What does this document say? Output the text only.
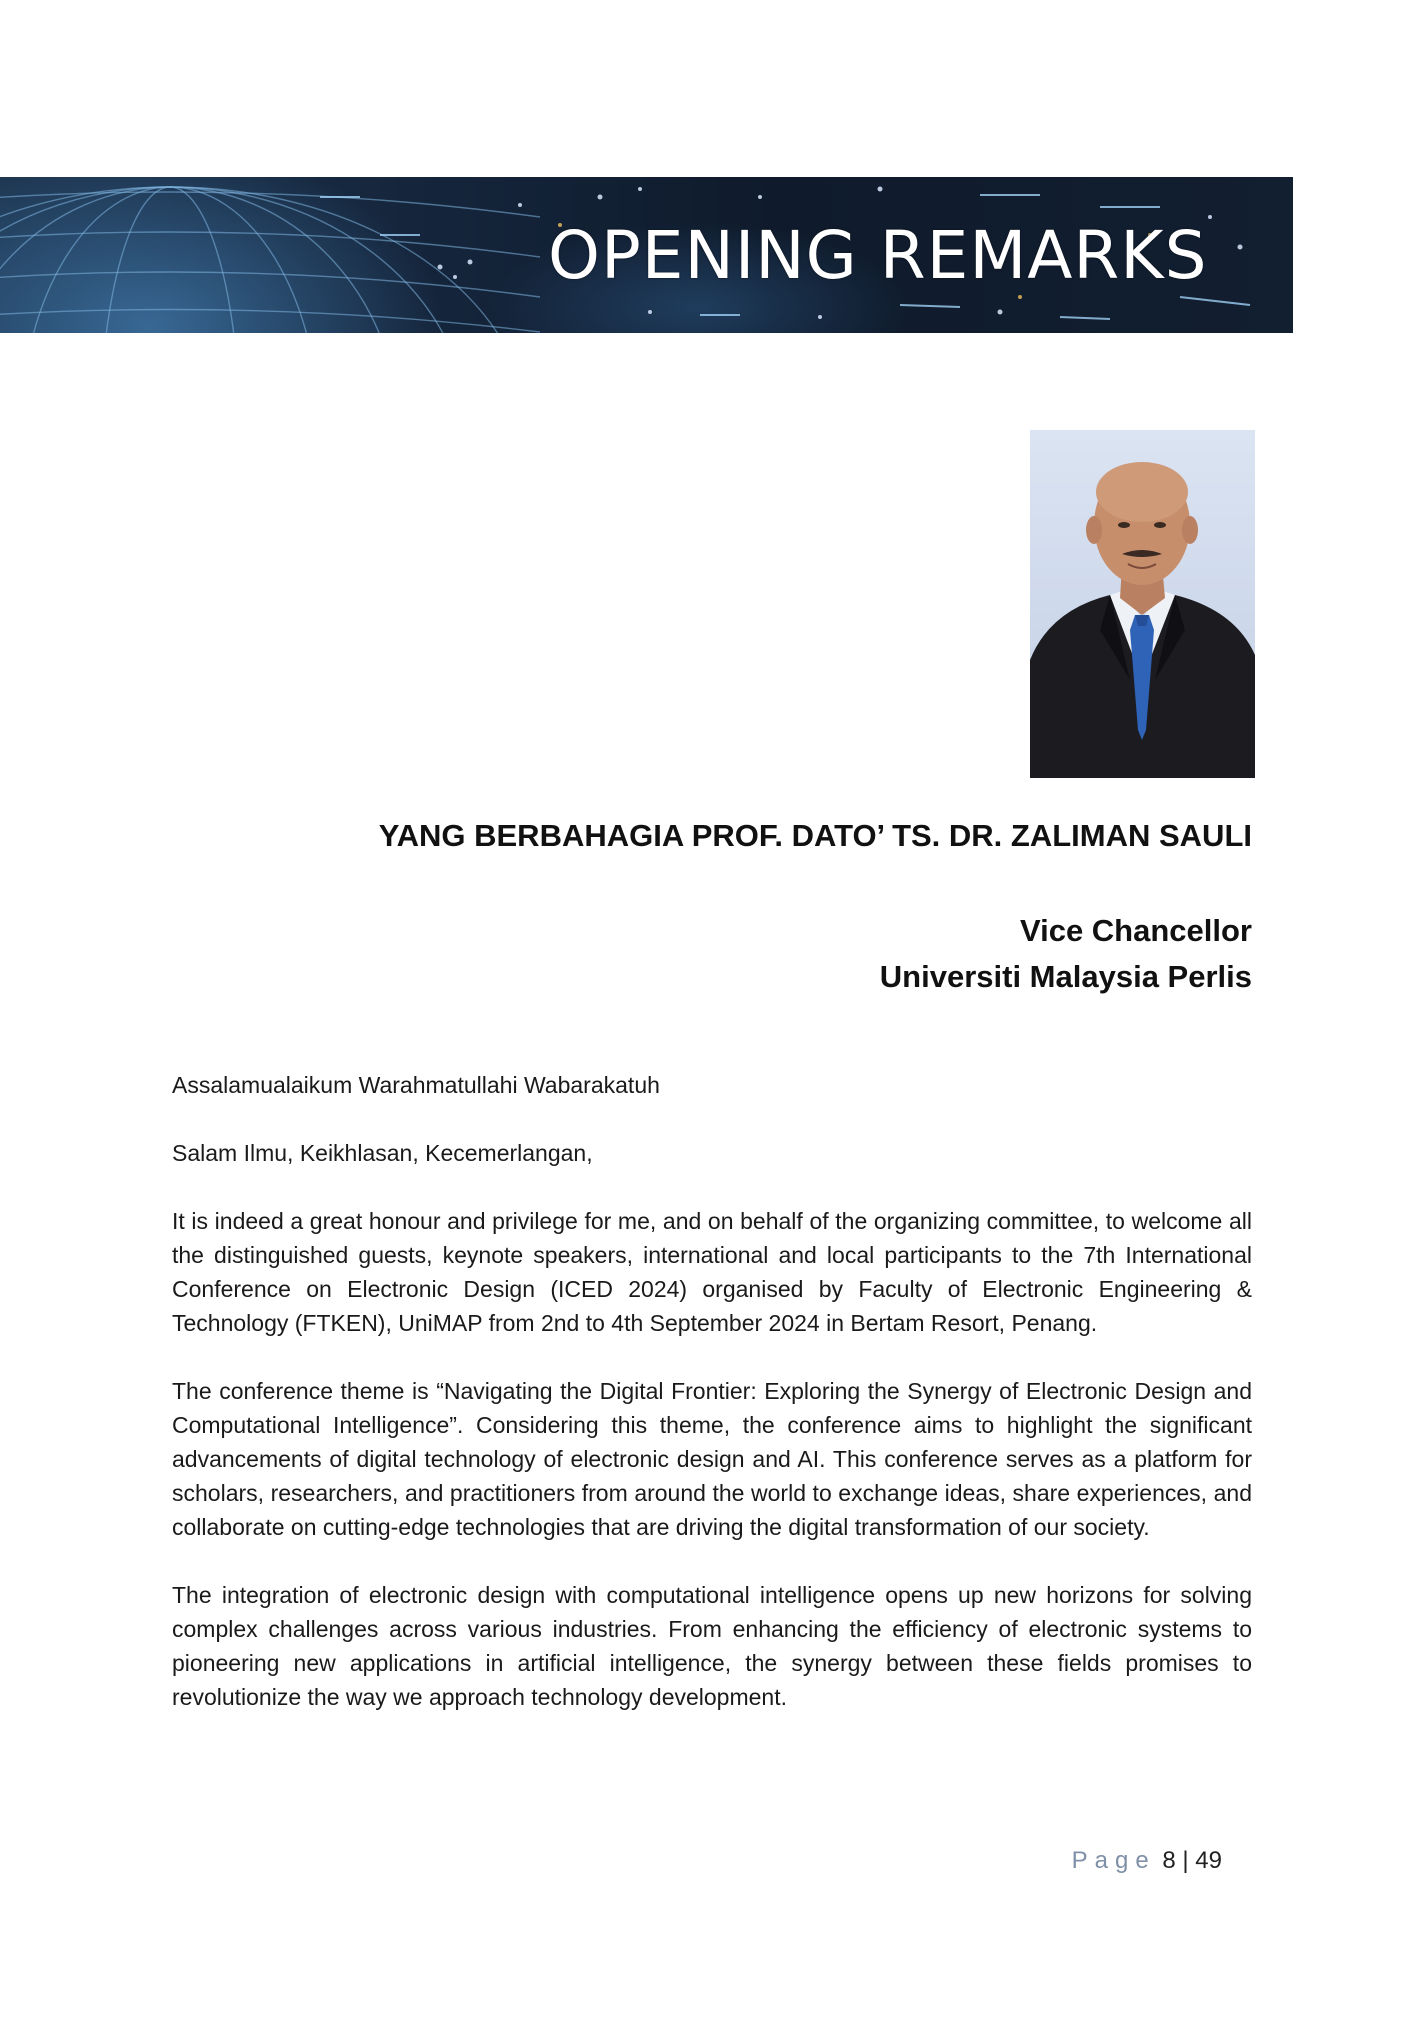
OPENING REMARKS
YANG BERBAHAGIA PROF. DATO’ TS. DR. ZALIMAN SAULI
Vice Chancellor
Universiti Malaysia Perlis

Assalamualaikum Warahmatullahi Wabarakatuh

Salam Ilmu, Keikhlasan, Kecemerlangan,

It is indeed a great honour and privilege for me, and on behalf of the organizing committee, to welcome all the distinguished guests, keynote speakers, international and local participants to the 7th International Conference on Electronic Design (ICED 2024) organised by Faculty of Electronic Engineering & Technology (FTKEN), UniMAP from 2nd to 4th September 2024 in Bertam Resort, Penang.

The conference theme is “Navigating the Digital Frontier: Exploring the Synergy of Electronic Design and Computational Intelligence”. Considering this theme, the conference aims to highlight the significant advancements of digital technology of electronic design and AI. This conference serves as a platform for scholars, researchers, and practitioners from around the world to exchange ideas, share experiences, and collaborate on cutting-edge technologies that are driving the digital transformation of our society.

The integration of electronic design with computational intelligence opens up new horizons for solving complex challenges across various industries. From enhancing the efficiency of electronic systems to pioneering new applications in artificial intelligence, the synergy between these fields promises to revolutionize the way we approach technology development.

Page 8 | 49
